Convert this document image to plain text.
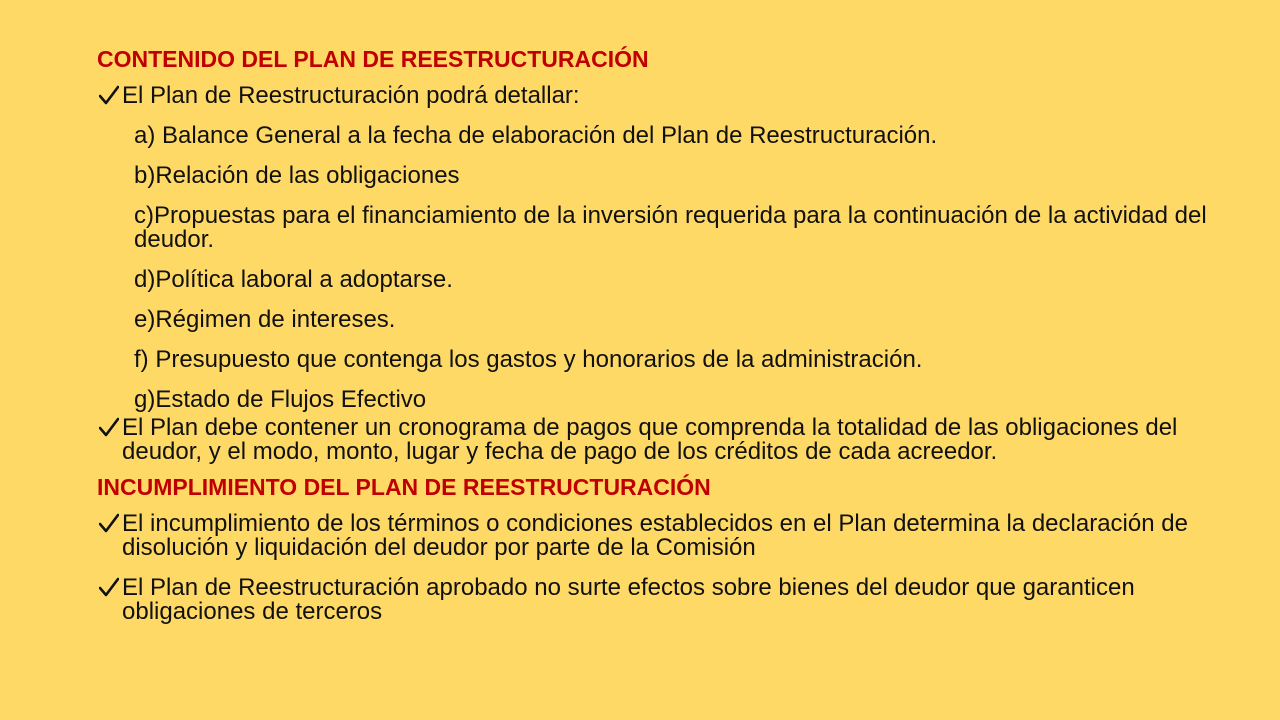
CONTENIDO DEL PLAN DE REESTRUCTURACIÓN

El Plan de Reestructuración podrá detallar:

a) Balance General a la fecha de elaboración del Plan de Reestructuración.

b)Relación de las obligaciones

c)Propuestas para el financiamiento de la inversión requerida para la continuación de la actividad del deudor.

d)Política laboral a adoptarse.

e)Régimen de intereses.

f) Presupuesto que contenga los gastos y honorarios de la administración.

g)Estado de Flujos Efectivo

El Plan debe contener un cronograma de pagos que comprenda la totalidad de las obligaciones del deudor, y el modo, monto, lugar y fecha de pago de los créditos de cada acreedor.

INCUMPLIMIENTO DEL PLAN DE REESTRUCTURACIÓN

El incumplimiento de los términos o condiciones establecidos en el Plan determina la declaración de disolución y liquidación del deudor por parte de la Comisión
El Plan de Reestructuración aprobado no surte efectos sobre bienes del deudor que garanticen obligaciones de terceros
